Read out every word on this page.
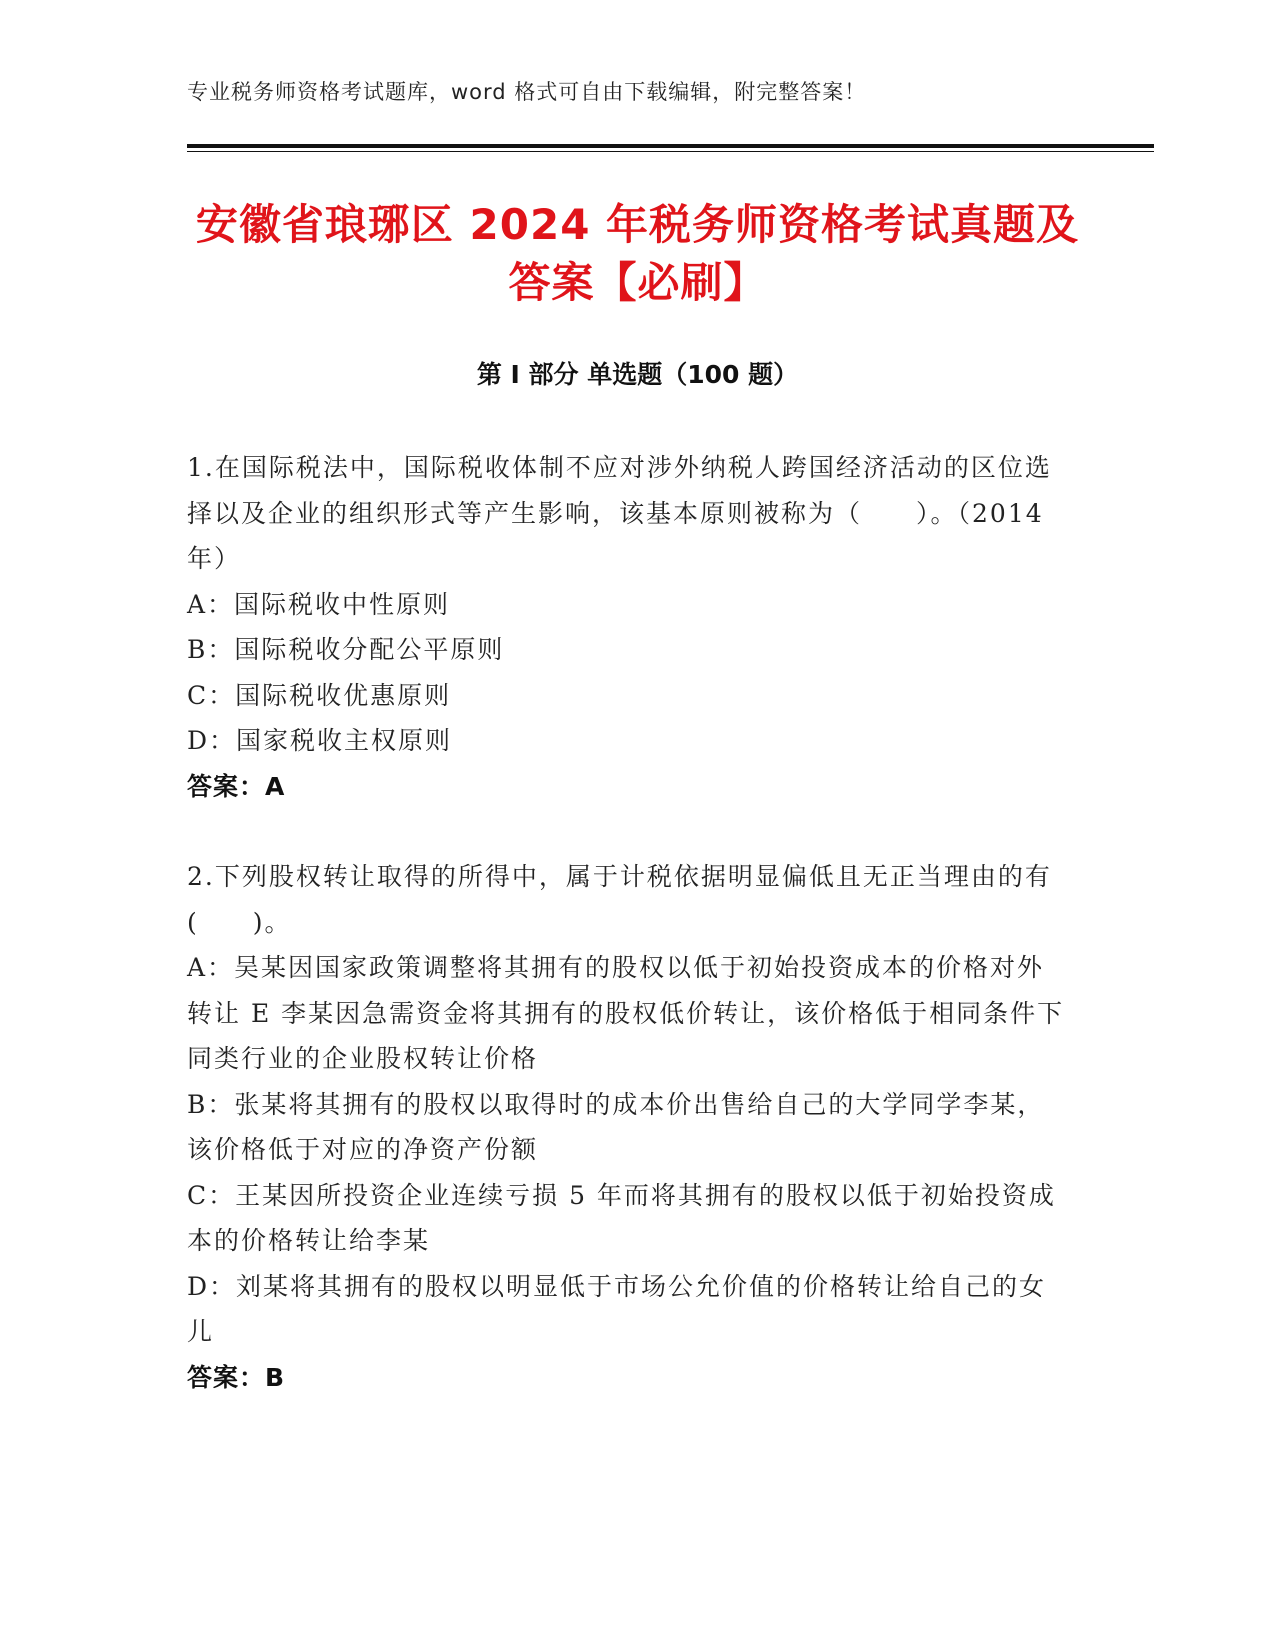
专业税务师资格考试题库，word 格式可自由下载编辑，附完整答案！
安徽省琅琊区 2024 年税务师资格考试真题及
答案【必刷】
第 I 部分 单选题（100 题）

1.在国际税法中，国际税收体制不应对涉外纳税人跨国经济活动的区位选择以及企业的组织形式等产生影响，该基本原则被称为（　　）。（2014 年）

A：国际税收中性原则

B：国际税收分配公平原则

C：国际税收优惠原则

D：国家税收主权原则

答案：A

2.下列股权转让取得的所得中，属于计税依据明显偏低且无正当理由的有(　　)。

A：吴某因国家政策调整将其拥有的股权以低于初始投资成本的价格对外转让 E 李某因急需资金将其拥有的股权低价转让，该价格低于相同条件下同类行业的企业股权转让价格

B：张某将其拥有的股权以取得时的成本价出售给自己的大学同学李某，该价格低于对应的净资产份额

C：王某因所投资企业连续亏损 5 年而将其拥有的股权以低于初始投资成本的价格转让给李某

D：刘某将其拥有的股权以明显低于市场公允价值的价格转让给自己的女儿

答案：B
